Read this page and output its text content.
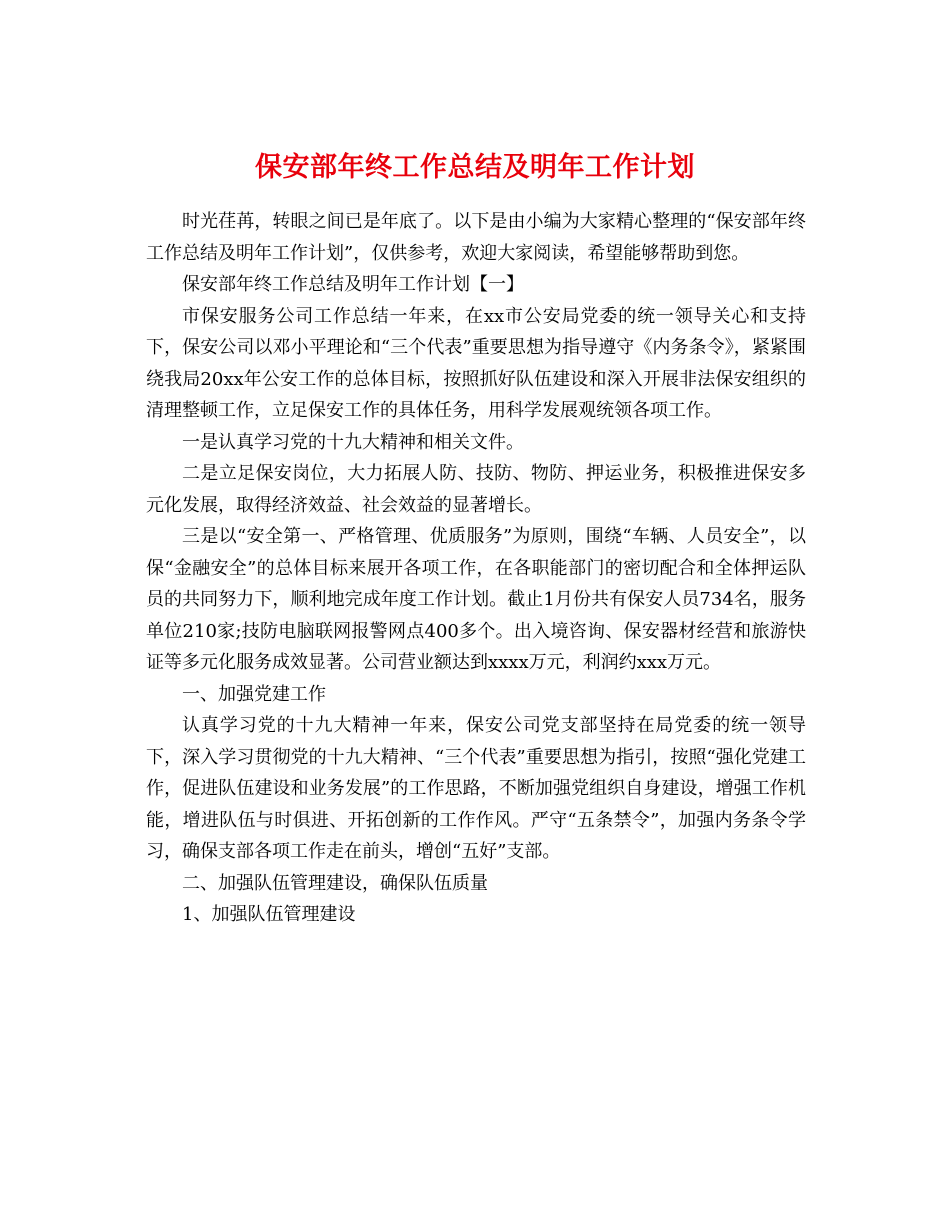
保安部年终工作总结及明年工作计划

时光荏苒，转眼之间已是年底了。以下是由小编为大家精心整理的“保安部年终工作总结及明年工作计划”，仅供参考，欢迎大家阅读，希望能够帮助到您。

保安部年终工作总结及明年工作计划【一】

市保安服务公司工作总结一年来，在xx市公安局党委的统一领导关心和支持下，保安公司以邓小平理论和“三个代表”重要思想为指导遵守《内务条令》，紧紧围绕我局20xx年公安工作的总体目标，按照抓好队伍建设和深入开展非法保安组织的清理整顿工作，立足保安工作的具体任务，用科学发展观统领各项工作。

一是认真学习党的十九大精神和相关文件。

二是立足保安岗位，大力拓展人防、技防、物防、押运业务，积极推进保安多元化发展，取得经济效益、社会效益的显著增长。

三是以“安全第一、严格管理、优质服务”为原则，围绕“车辆、人员安全”，以保“金融安全”的总体目标来展开各项工作，在各职能部门的密切配合和全体押运队员的共同努力下，顺利地完成年度工作计划。截止1月份共有保安人员734名，服务单位210家;技防电脑联网报警网点400多个。出入境咨询、保安器材经营和旅游快证等多元化服务成效显著。公司营业额达到xxxx万元，利润约xxx万元。

一、加强党建工作

认真学习党的十九大精神一年来，保安公司党支部坚持在局党委的统一领导下，深入学习贯彻党的十九大精神、“三个代表”重要思想为指引，按照“强化党建工作，促进队伍建设和业务发展”的工作思路，不断加强党组织自身建设，增强工作机能，增进队伍与时俱进、开拓创新的工作作风。严守“五条禁令”，加强内务条令学习，确保支部各项工作走在前头，增创“五好”支部。

二、加强队伍管理建设，确保队伍质量

1、加强队伍管理建设
